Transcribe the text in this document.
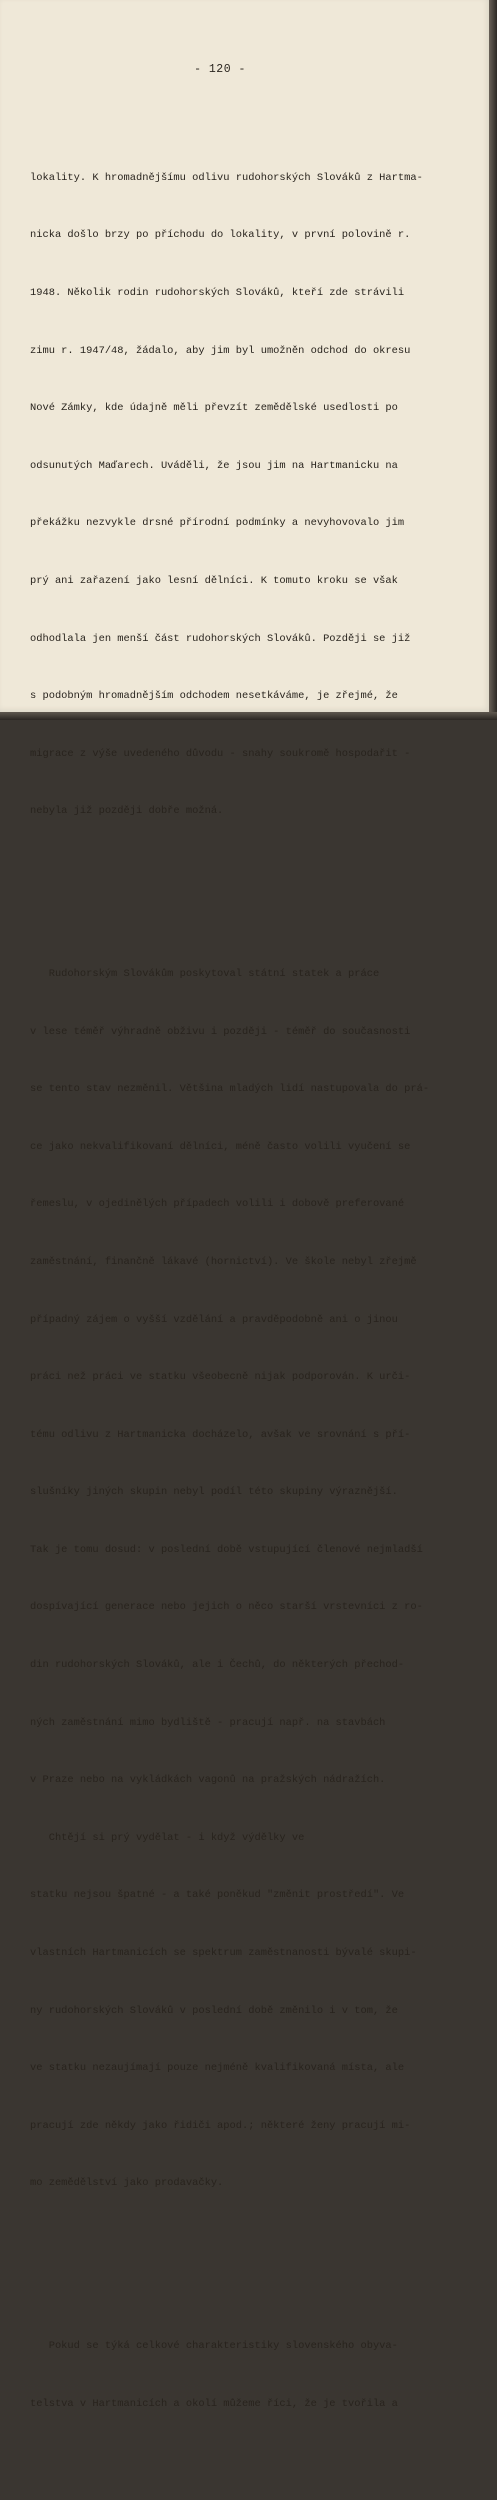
- 120 -

lokality. K hromadnějšímu odlivu rudohorských Slováků z Hartma-

nicka došlo brzy po příchodu do lokality, v první polovině r.

1948. Několik rodin rudohorských Slováků, kteří zde strávili

zimu r. 1947/48, žádalo, aby jim byl umožněn odchod do okresu

Nové Zámky, kde údajně měli převzít zemědělské usedlosti po

odsunutých Maďarech. Uváděli, že jsou jim na Hartmanicku na

překážku nezvykle drsné přírodní podmínky a nevyhovovalo jim

prý ani zařazení jako lesní dělníci. K tomuto kroku se však

odhodlala jen menší část rudohorských Slováků. Později se již

s podobným hromadnějším odchodem nesetkáváme, je zřejmé, že

migrace z výše uvedeného důvodu - snahy soukromě hospodařit -

nebyla již později dobře možná.

Rudohorským Slovákům poskytoval státní statek a práce

v lese téměř výhradně obživu i později - téměř do současnosti

se tento stav nezměnil. Většina mladých lidí nastupovala do prá-

ce jako nekvalifikovaní dělníci, méně často volili vyučení se

řemeslu, v ojedinělých případech volili i dobově preferované

zaměstnání, finančně lákavé (hornictví). Ve škole nebyl zřejmě

případný zájem o vyšší vzdělání a pravděpodobně ani o jinou

práci než práci ve statku všeobecně nijak podporován. K urči-

tému odlivu z Hartmanicka docházelo, avšak ve srovnání s pří-

slušníky jiných skupin nebyl podíl této skupiny výraznější.

Tak je tomu dosud: v poslední době vstupující členové nejmladší

dospívající generace nebo jejich o něco starší vrstevníci z ro-

din rudohorských Slováků, ale i Čechů, do některých přechod-

ných zaměstnání mimo bydliště - pracují např. na stavbách

v Praze nebo na vykládkách vagonů na pražských nádražích.

Chtějí si prý vydělat - i když výdělky ve

statku nejsou špatné - a také poněkud "změnit prostředí". Ve

vlastních Hartmanicích se spektrum zaměstnanosti bývalé skupi-

ny rudohorských Slováků v poslední době změnilo i v tom, že

ve statku nezaujímají pouze nejméně kvalifikovaná místa, ale

pracují zde někdy jako řidiči apod.; některé ženy pracují mi-

mo zemědělství jako prodavačky.

Pokud se týká celkové charakteristiky slovenského obyva-

telstva v Hartmanicích a okolí můžeme říci, že je tvořila a
